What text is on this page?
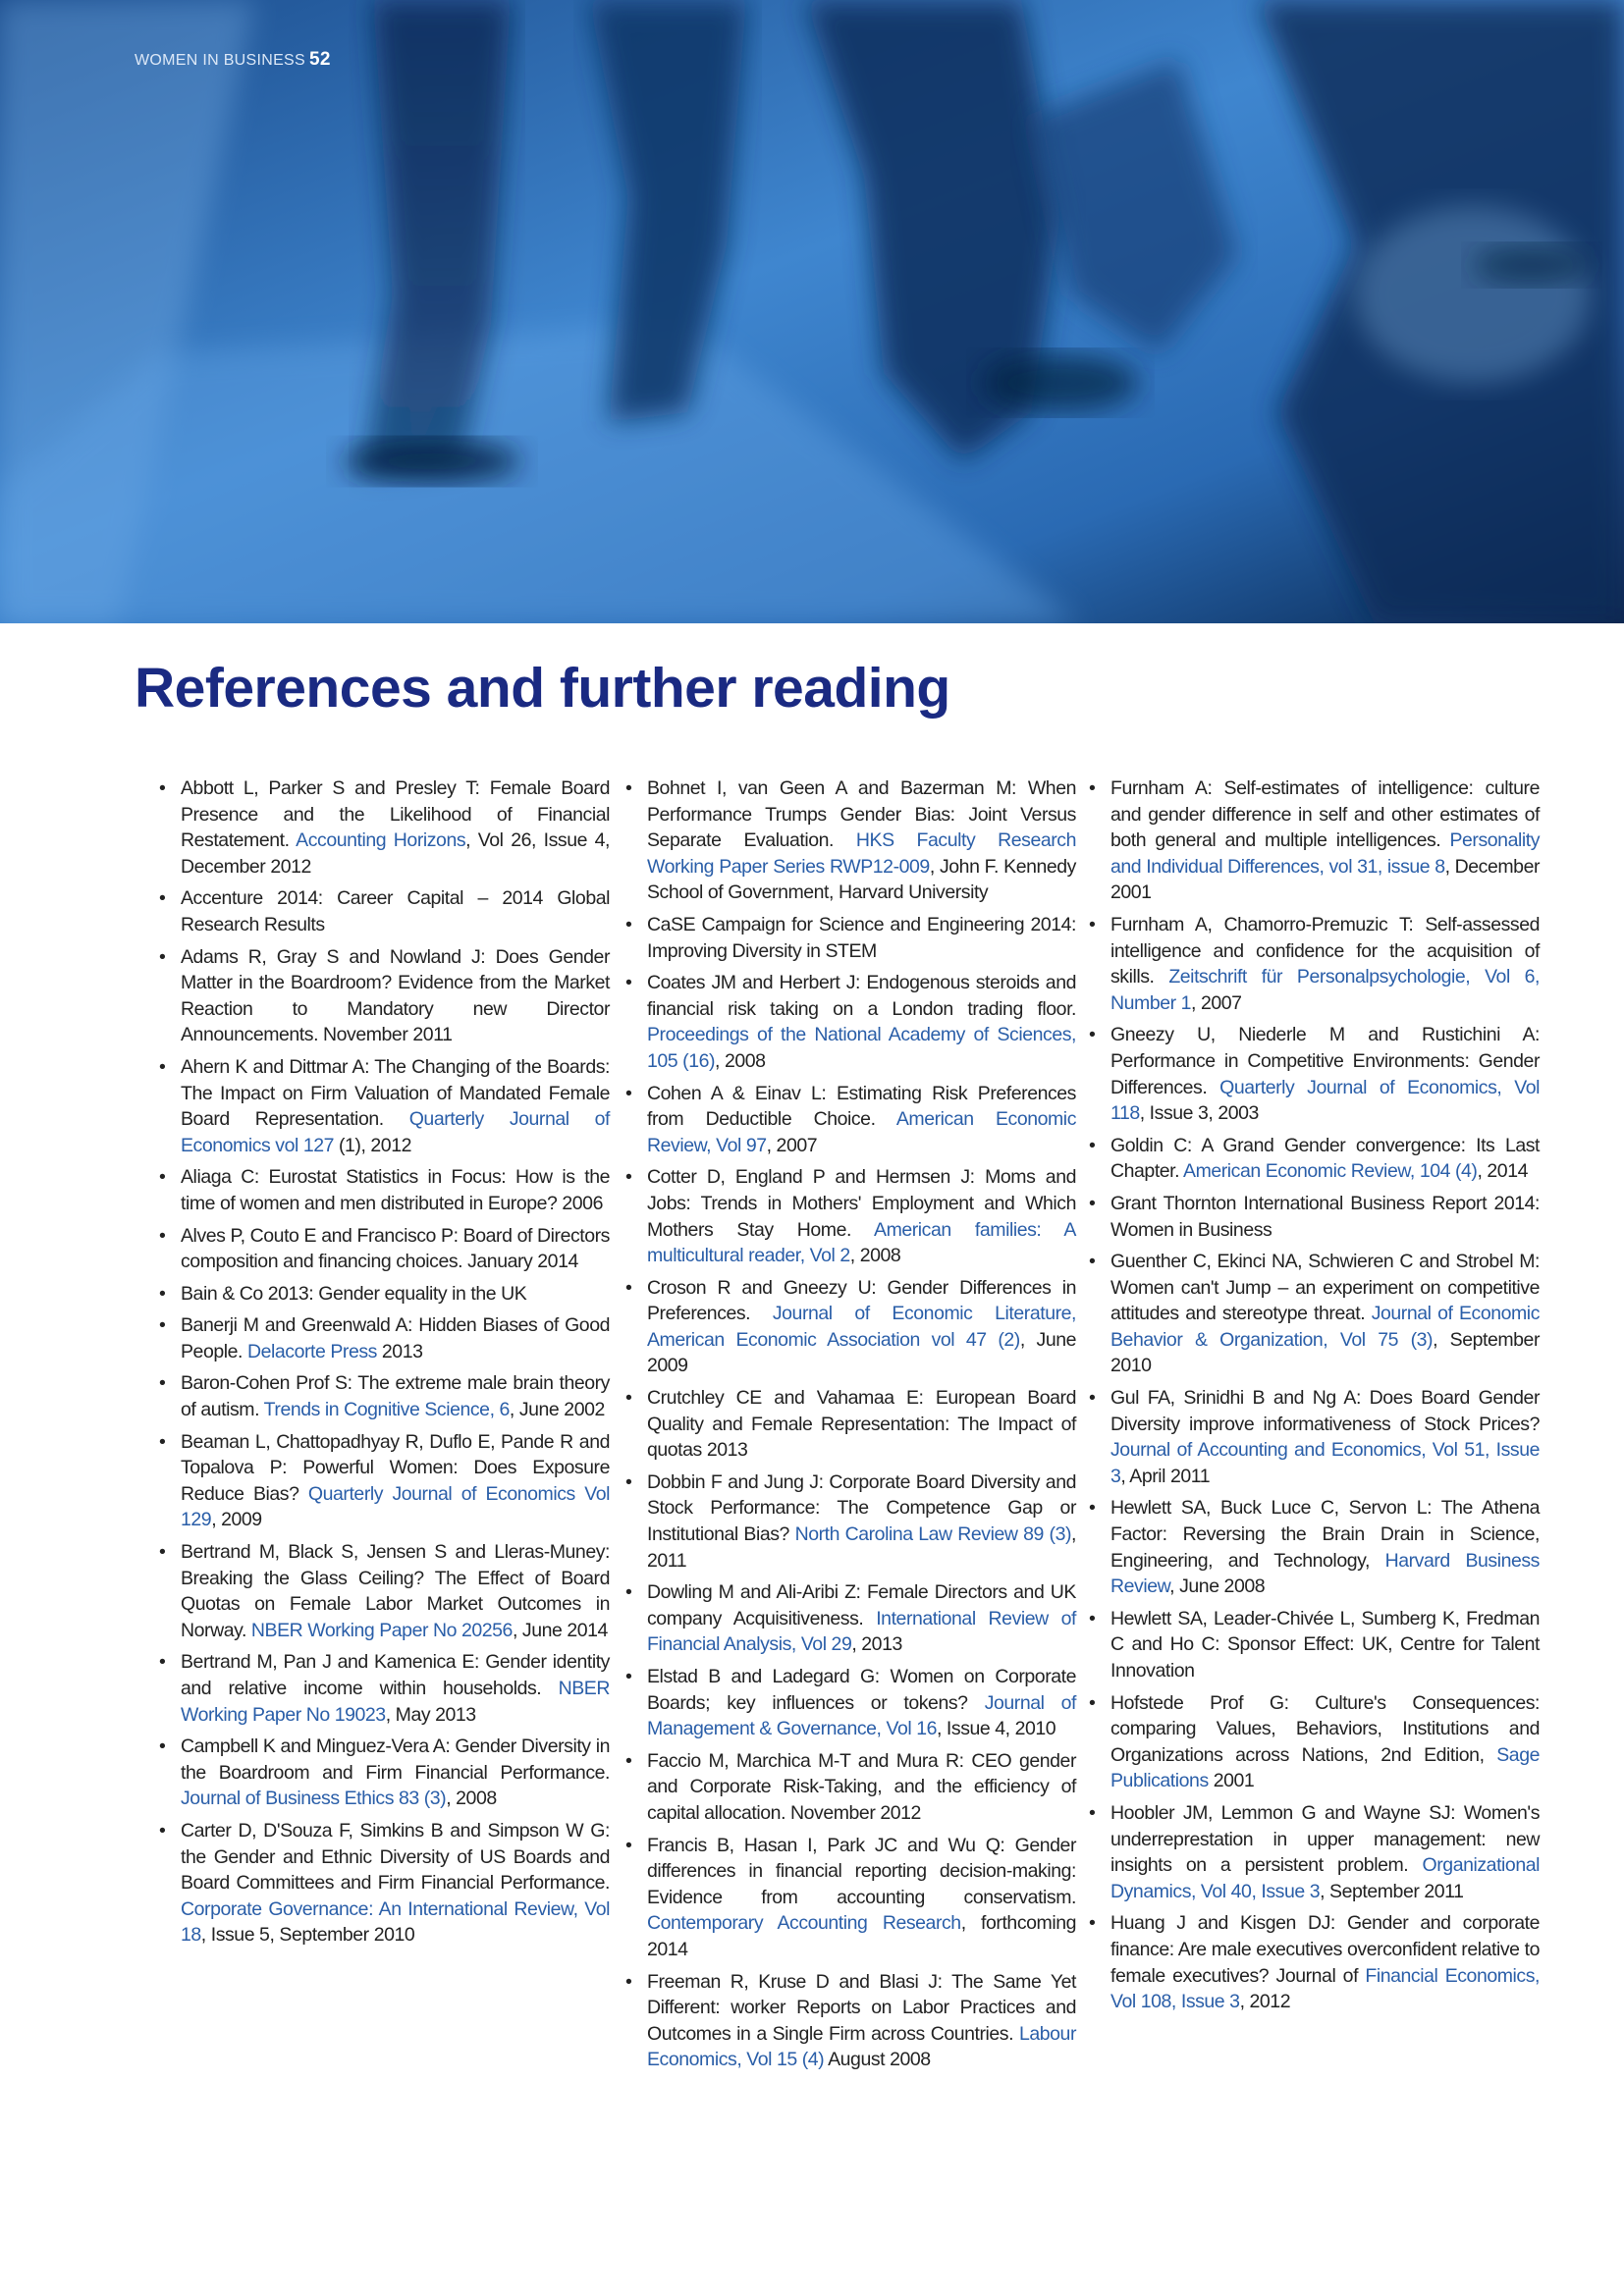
WOMEN IN BUSINESS 52
References and further reading
• Abbott L, Parker S and Presley T: Female Board Presence and the Likelihood of Financial Restatement. Accounting Horizons, Vol 26, Issue 4, December 2012
• Accenture 2014: Career Capital – 2014 Global Research Results
• Adams R, Gray S and Nowland J: Does Gender Matter in the Boardroom? Evidence from the Market Reaction to Mandatory new Director Announcements. November 2011
• Ahern K and Dittmar A: The Changing of the Boards: The Impact on Firm Valuation of Mandated Female Board Representation. Quarterly Journal of Economics vol 127 (1), 2012
• Aliaga C: Eurostat Statistics in Focus: How is the time of women and men distributed in Europe? 2006
• Alves P, Couto E and Francisco P: Board of Directors composition and financing choices. January 2014
• Bain & Co 2013: Gender equality in the UK
• Banerji M and Greenwald A: Hidden Biases of Good People. Delacorte Press 2013
• Baron-Cohen Prof S: The extreme male brain theory of autism. Trends in Cognitive Science, 6, June 2002
• Beaman L, Chattopadhyay R, Duflo E, Pande R and Topalova P: Powerful Women: Does Exposure Reduce Bias? Quarterly Journal of Economics Vol 129, 2009
• Bertrand M, Black S, Jensen S and Lleras-Muney: Breaking the Glass Ceiling? The Effect of Board Quotas on Female Labor Market Outcomes in Norway. NBER Working Paper No 20256, June 2014
• Bertrand M, Pan J and Kamenica E: Gender identity and relative income within households. NBER Working Paper No 19023, May 2013
• Campbell K and Minguez-Vera A: Gender Diversity in the Boardroom and Firm Financial Performance. Journal of Business Ethics 83 (3), 2008
• Carter D, D'Souza F, Simkins B and Simpson W G: the Gender and Ethnic Diversity of US Boards and Board Committees and Firm Financial Performance. Corporate Governance: An International Review, Vol 18, Issue 5, September 2010
• Bohnet I, van Geen A and Bazerman M: When Performance Trumps Gender Bias: Joint Versus Separate Evaluation. HKS Faculty Research Working Paper Series RWP12-009, John F. Kennedy School of Government, Harvard University
• CaSE Campaign for Science and Engineering 2014: Improving Diversity in STEM
• Coates JM and Herbert J: Endogenous steroids and financial risk taking on a London trading floor. Proceedings of the National Academy of Sciences, 105 (16), 2008
• Cohen A & Einav L: Estimating Risk Preferences from Deductible Choice. American Economic Review, Vol 97, 2007
• Cotter D, England P and Hermsen J: Moms and Jobs: Trends in Mothers' Employment and Which Mothers Stay Home. American families: A multicultural reader, Vol 2, 2008
• Croson R and Gneezy U: Gender Differences in Preferences. Journal of Economic Literature, American Economic Association vol 47 (2), June 2009
• Crutchley CE and Vahamaa E: European Board Quality and Female Representation: The Impact of quotas 2013
• Dobbin F and Jung J: Corporate Board Diversity and Stock Performance: The Competence Gap or Institutional Bias? North Carolina Law Review 89 (3), 2011
• Dowling M and Ali-Aribi Z: Female Directors and UK company Acquisitiveness. International Review of Financial Analysis, Vol 29, 2013
• Elstad B and Ladegard G: Women on Corporate Boards; key influences or tokens? Journal of Management & Governance, Vol 16, Issue 4, 2010
• Faccio M, Marchica M-T and Mura R: CEO gender and Corporate Risk-Taking, and the efficiency of capital allocation. November 2012
• Francis B, Hasan I, Park JC and Wu Q: Gender differences in financial reporting decision-making: Evidence from accounting conservatism. Contemporary Accounting Research, forthcoming 2014
• Freeman R, Kruse D and Blasi J: The Same Yet Different: worker Reports on Labor Practices and Outcomes in a Single Firm across Countries. Labour Economics, Vol 15 (4) August 2008
• Furnham A: Self-estimates of intelligence: culture and gender difference in self and other estimates of both general and multiple intelligences. Personality and Individual Differences, vol 31, issue 8, December 2001
• Furnham A, Chamorro-Premuzic T: Self-assessed intelligence and confidence for the acquisition of skills. Zeitschrift für Personalpsychologie, Vol 6, Number 1, 2007
• Gneezy U, Niederle M and Rustichini A: Performance in Competitive Environments: Gender Differences. Quarterly Journal of Economics, Vol 118, Issue 3, 2003
• Goldin C: A Grand Gender convergence: Its Last Chapter. American Economic Review, 104 (4), 2014
• Grant Thornton International Business Report 2014: Women in Business
• Guenther C, Ekinci NA, Schwieren C and Strobel M: Women can't Jump – an experiment on competitive attitudes and stereotype threat. Journal of Economic Behavior & Organization, Vol 75 (3), September 2010
• Gul FA, Srinidhi B and Ng A: Does Board Gender Diversity improve informativeness of Stock Prices? Journal of Accounting and Economics, Vol 51, Issue 3, April 2011
• Hewlett SA, Buck Luce C, Servon L: The Athena Factor: Reversing the Brain Drain in Science, Engineering, and Technology, Harvard Business Review, June 2008
• Hewlett SA, Leader-Chivée L, Sumberg K, Fredman C and Ho C: Sponsor Effect: UK, Centre for Talent Innovation
• Hofstede Prof G: Culture's Consequences: comparing Values, Behaviors, Institutions and Organizations across Nations, 2nd Edition, Sage Publications 2001
• Hoobler JM, Lemmon G and Wayne SJ: Women's underreprestation in upper management: new insights on a persistent problem. Organizational Dynamics, Vol 40, Issue 3, September 2011
• Huang J and Kisgen DJ: Gender and corporate finance: Are male executives overconfident relative to female executives? Journal of Financial Economics, Vol 108, Issue 3, 2012
